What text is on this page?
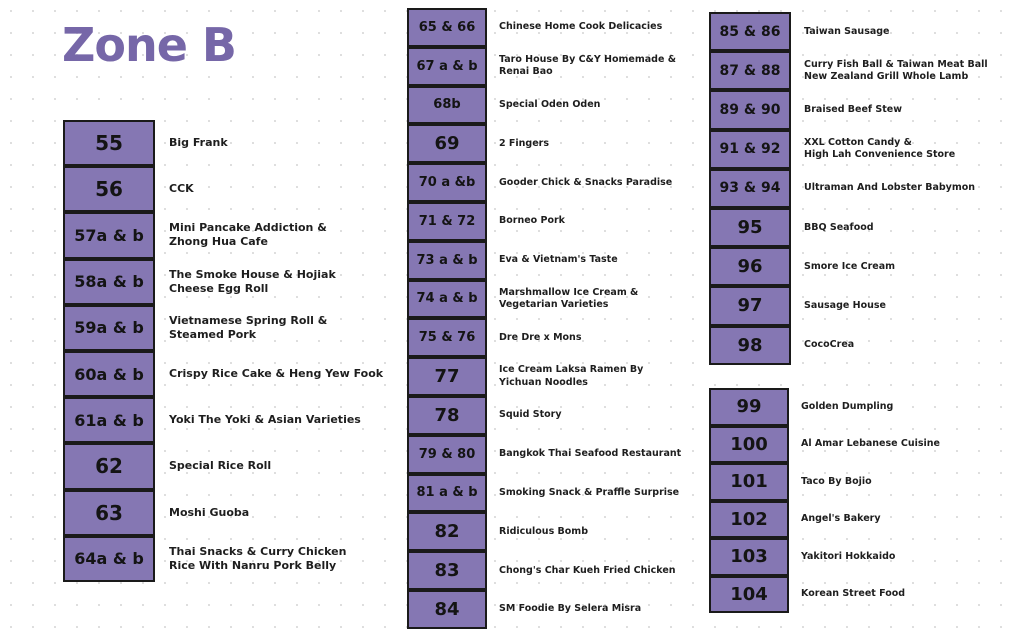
Zone B
55	Big Frank
56	CCK
57a & b	Mini Pancake Addiction &
Zhong Hua Cafe
58a & b	The Smoke House & Hojiak
Cheese Egg Roll
59a & b	Vietnamese Spring Roll &
Steamed Pork
60a & b	Crispy Rice Cake & Heng Yew Fook
61a & b	Yoki The Yoki & Asian Varieties
62	Special Rice Roll
63	Moshi Guoba
64a & b	Thai Snacks & Curry Chicken
Rice With Nanru Pork Belly
65 & 66	Chinese Home Cook Delicacies
67 a & b	Taro House By C&Y Homemade &
Renai Bao
68b	Special Oden Oden
69	2 Fingers
70 a &b	Gooder Chick & Snacks Paradise
71 & 72	Borneo Pork
73 a & b	Eva & Vietnam's Taste
74 a & b	Marshmallow Ice Cream &
Vegetarian Varieties
75 & 76	Dre Dre x Mons
77	Ice Cream Laksa Ramen By
Yichuan Noodles
78	Squid Story
79 & 80	Bangkok Thai Seafood Restaurant
81 a & b	Smoking Snack & Praffle Surprise
82	Ridiculous Bomb
83	Chong's Char Kueh Fried Chicken
84	SM Foodie By Selera Misra
85 & 86	Taiwan Sausage
87 & 88	Curry Fish Ball & Taiwan Meat Ball
New Zealand Grill Whole Lamb
89 & 90	Braised Beef Stew
91 & 92	XXL Cotton Candy &
High Lah Convenience Store
93 & 94	Ultraman And Lobster Babymon
95	BBQ Seafood
96	Smore Ice Cream
97	Sausage House
98	CocoCrea
99	Golden Dumpling
100	Al Amar Lebanese Cuisine
101	Taco By Bojio
102	Angel's Bakery
103	Yakitori Hokkaido
104	Korean Street Food
